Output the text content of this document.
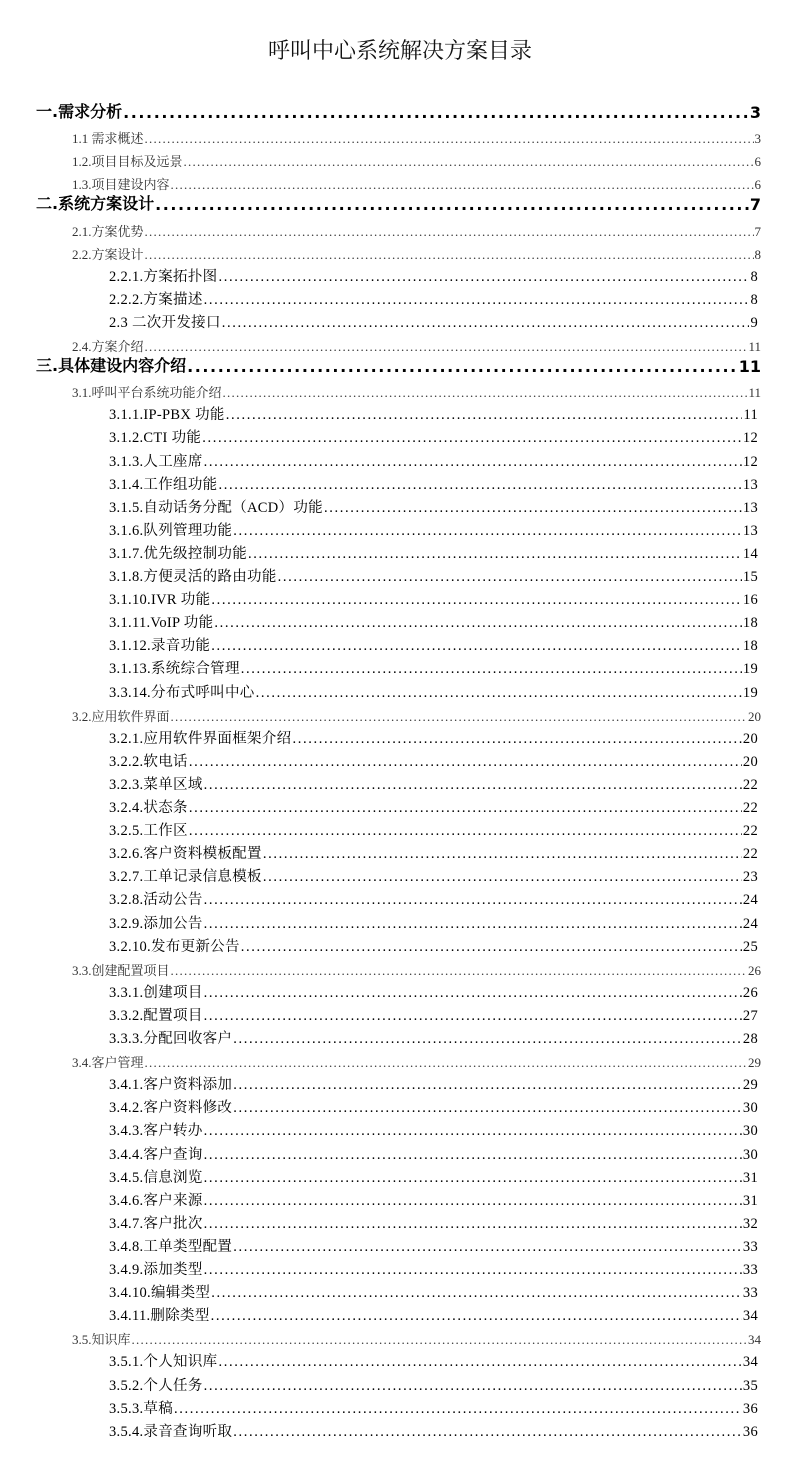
呼叫中心系统解决方案目录
一.需求分析 . . .	3
1.1 需求概述 . . .	3
1.2.项目目标及远景 . . .	6
1.3.项目建设内容 . . .	6
二.系统方案设计 . . .	7
2.1.方案优势 . . .	7
2.2.方案设计 . . .	8
2.2.1.方案拓扑图 . . .	8
2.2.2.方案描述 . . .	8
2.3 二次开发接口 . . .	9
2.4.方案介绍 . . .	11
三.具体建设内容介绍 . . .	11
3.1.呼叫平台系统功能介绍 . . .	11
3.1.1.IP-PBX 功能 . . .	11
3.1.2.CTI 功能 . . .	12
3.1.3.人工座席 . . .	12
3.1.4.工作组功能 . . .	13
3.1.5.自动话务分配（ACD）功能 . . .	13
3.1.6.队列管理功能 . . .	13
3.1.7.优先级控制功能 . . .	14
3.1.8.方便灵活的路由功能 . . .	15
3.1.10.IVR 功能 . . .	16
3.1.11.VoIP 功能 . . .	18
3.1.12.录音功能 . . .	18
3.1.13.系统综合管理 . . .	19
3.3.14.分布式呼叫中心 . . .	19
3.2.应用软件界面 . . .	20
3.2.1.应用软件界面框架介绍 . . .	20
3.2.2.软电话 . . .	20
3.2.3.菜单区域 . . .	22
3.2.4.状态条 . . .	22
3.2.5.工作区 . . .	22
3.2.6.客户资料模板配置 . . .	22
3.2.7.工单记录信息模板 . . .	23
3.2.8.活动公告 . . .	24
3.2.9.添加公告 . . .	24
3.2.10.发布更新公告 . . .	25
3.3.创建配置项目 . . .	26
3.3.1.创建项目 . . .	26
3.3.2.配置项目 . . .	27
3.3.3.分配回收客户 . . .	28
3.4.客户管理 . . .	29
3.4.1.客户资料添加 . . .	29
3.4.2.客户资料修改 . . .	30
3.4.3.客户转办 . . .	30
3.4.4.客户查询 . . .	30
3.4.5.信息浏览 . . .	31
3.4.6.客户来源 . . .	31
3.4.7.客户批次 . . .	32
3.4.8.工单类型配置 . . .	33
3.4.9.添加类型 . . .	33
3.4.10.编辑类型 . . .	33
3.4.11.删除类型 . . .	34
3.5.知识库 . . .	34
3.5.1.个人知识库 . . .	34
3.5.2.个人任务 . . .	35
3.5.3.草稿 . . .	36
3.5.4.录音查询听取 . . .	36
